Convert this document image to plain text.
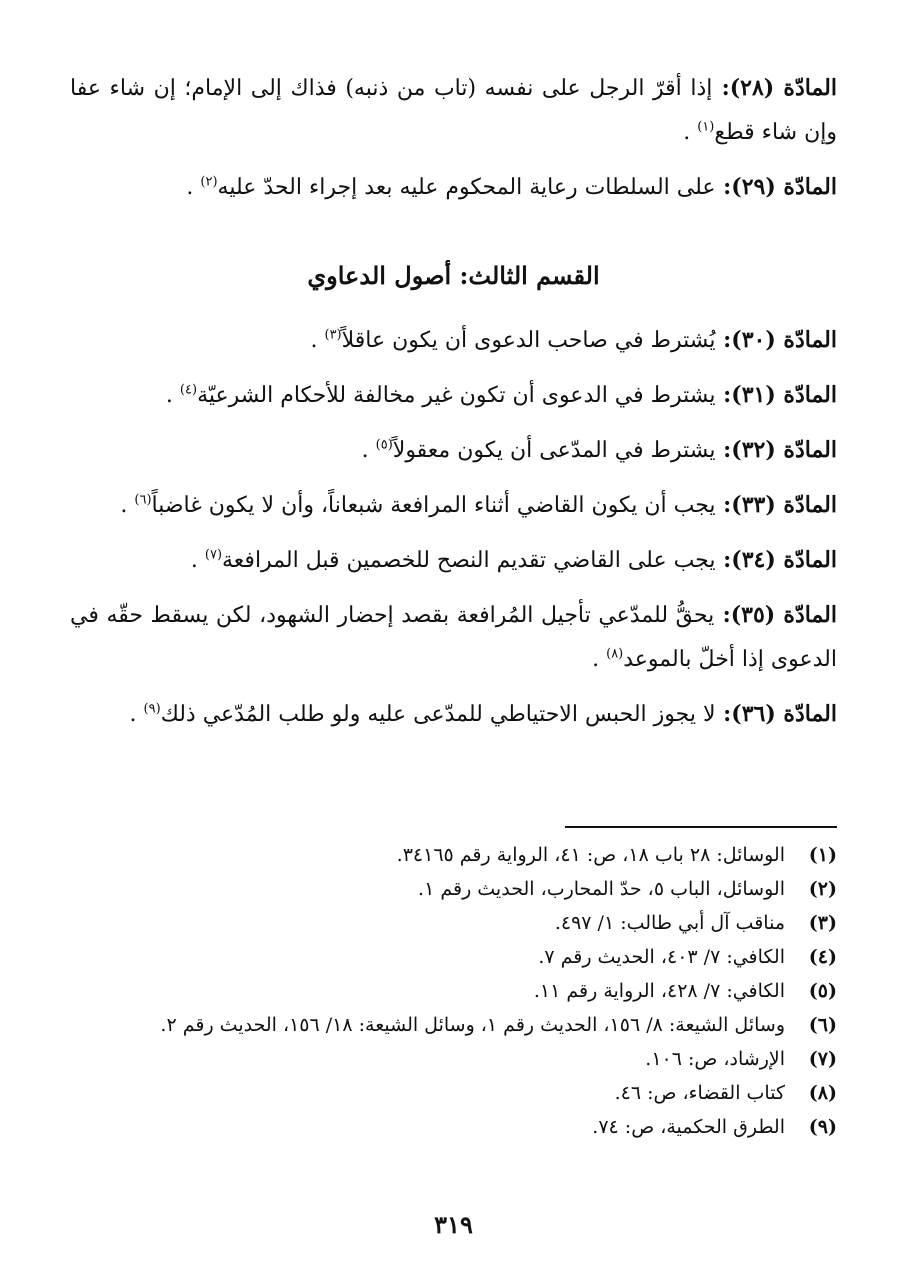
المادّة (٢٨): إذا أقرّ الرجل على نفسه (تاب من ذنبه) فذاك إلى الإمام؛ إن شاء عفا وإن شاء قطع$^{(١)}$ .

المادّة (٢٩): على السلطات رعاية المحكوم عليه بعد إجراء الحدّ عليه$^{(٢)}$ .

القسم الثالث: أصول الدعاوي

المادّة (٣٠): يُشترط في صاحب الدعوى أن يكون عاقلاً$^{(٣)}$ .

المادّة (٣١): يشترط في الدعوى أن تكون غير مخالفة للأحكام الشرعيّة$^{(٤)}$ .

المادّة (٣٢): يشترط في المدّعى أن يكون معقولاً$^{(٥)}$ .

المادّة (٣٣): يجب أن يكون القاضي أثناء المرافعة شبعاناً، وأن لا يكون غاضباً$^{(٦)}$ .

المادّة (٣٤): يجب على القاضي تقديم النصح للخصمين قبل المرافعة$^{(٧)}$ .

المادّة (٣٥): يحقُّ للمدّعي تأجيل المُرافعة بقصد إحضار الشهود، لكن يسقط حقّه في الدعوى إذا أخلّ بالموعد$^{(٨)}$ .

المادّة (٣٦): لا يجوز الحبس الاحتياطي للمدّعى عليه ولو طلب المُدّعي ذلك$^{(٩)}$ .

(١)
الوسائل: ٢٨ باب ١٨، ص: ٤١، الرواية رقم ٣٤١٦٥.
(٢)
الوسائل، الباب ٥، حدّ المحارب، الحديث رقم ١.
(٣)
مناقب آل أبي طالب: ١/ ٤٩٧.
(٤)
الكافي: ٧/ ٤٠٣، الحديث رقم ٧.
(٥)
الكافي: ٧/ ٤٢٨، الرواية رقم ١١.
(٦)
وسائل الشيعة: ٨/ ١٥٦، الحديث رقم ١، وسائل الشيعة: ١٨/ ١٥٦، الحديث رقم ٢.
(٧)
الإرشاد، ص: ١٠٦.
(٨)
كتاب القضاء، ص: ٤٦.
(٩)
الطرق الحكمية، ص: ٧٤.
٣١٩
